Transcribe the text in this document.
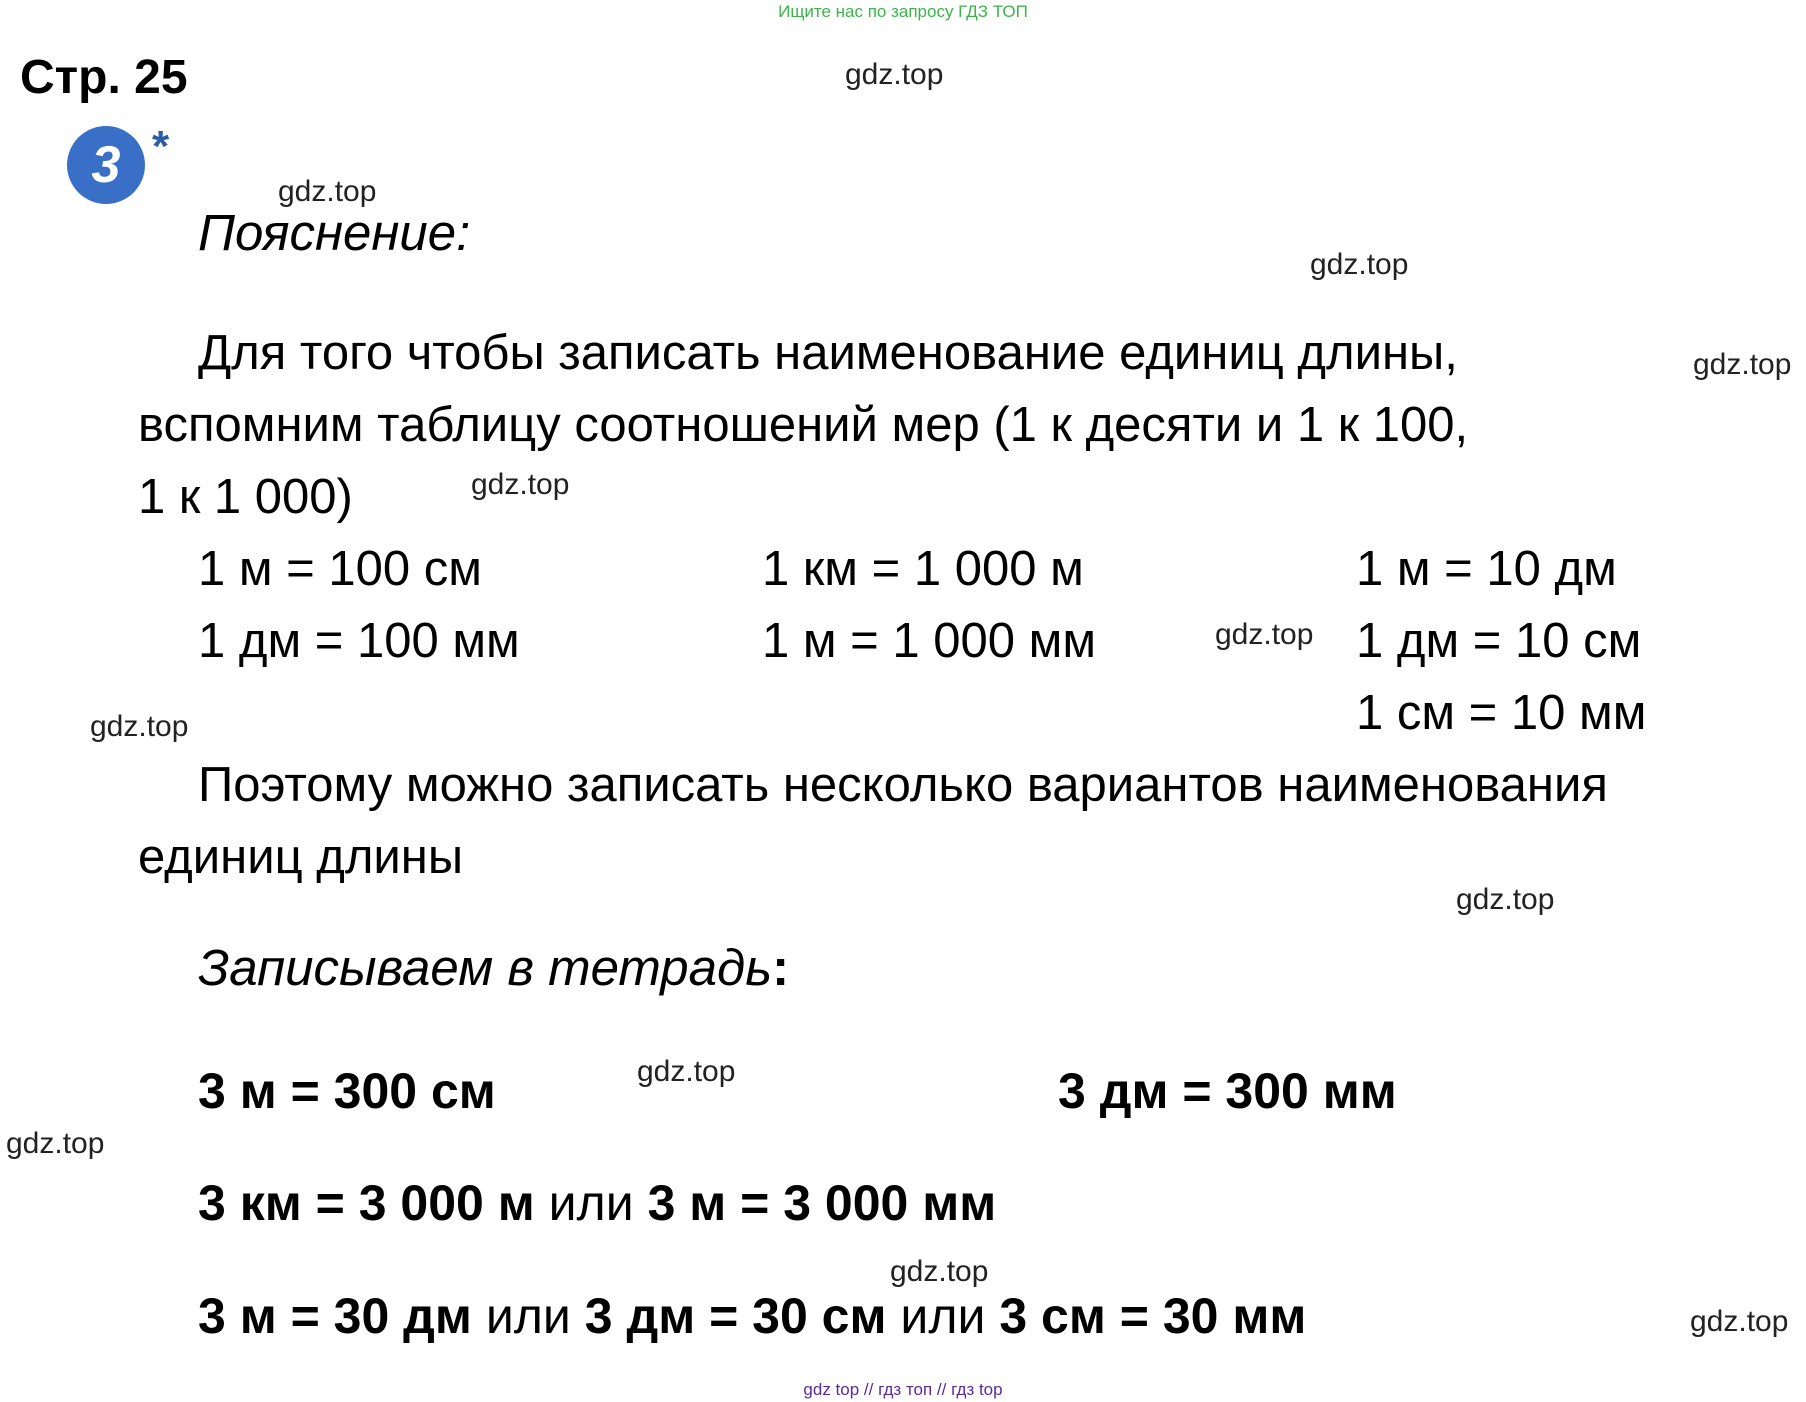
Ищите нас по запросу ГДЗ ТОП
Стр. 25
3 *
gdz.top
gdz.top
gdz.top
gdz.top
gdz.top
gdz.top
gdz.top
gdz.top
gdz.top
gdz.top
gdz.top
gdz.top
Пояснение:
Для того чтобы записать наименование единиц длины,
вспомним таблицу соотношений мер (1 к десяти и 1 к 100,
1 к 1 000)
1 м = 100 см
1 дм = 100 мм
1 км = 1 000 м
1 м = 1 000 мм
1 м = 10 дм
1 дм = 10 см
1 см = 10 мм
Поэтому можно записать несколько вариантов наименования
единиц длины
Записываем в тетрадь:
3 м = 300 см	3 дм = 300 мм
3 км = 3 000 м или 3 м = 3 000 мм
3 м = 30 дм или 3 дм = 30 см или 3 см = 30 мм
gdz top // гдз топ // гдз top
